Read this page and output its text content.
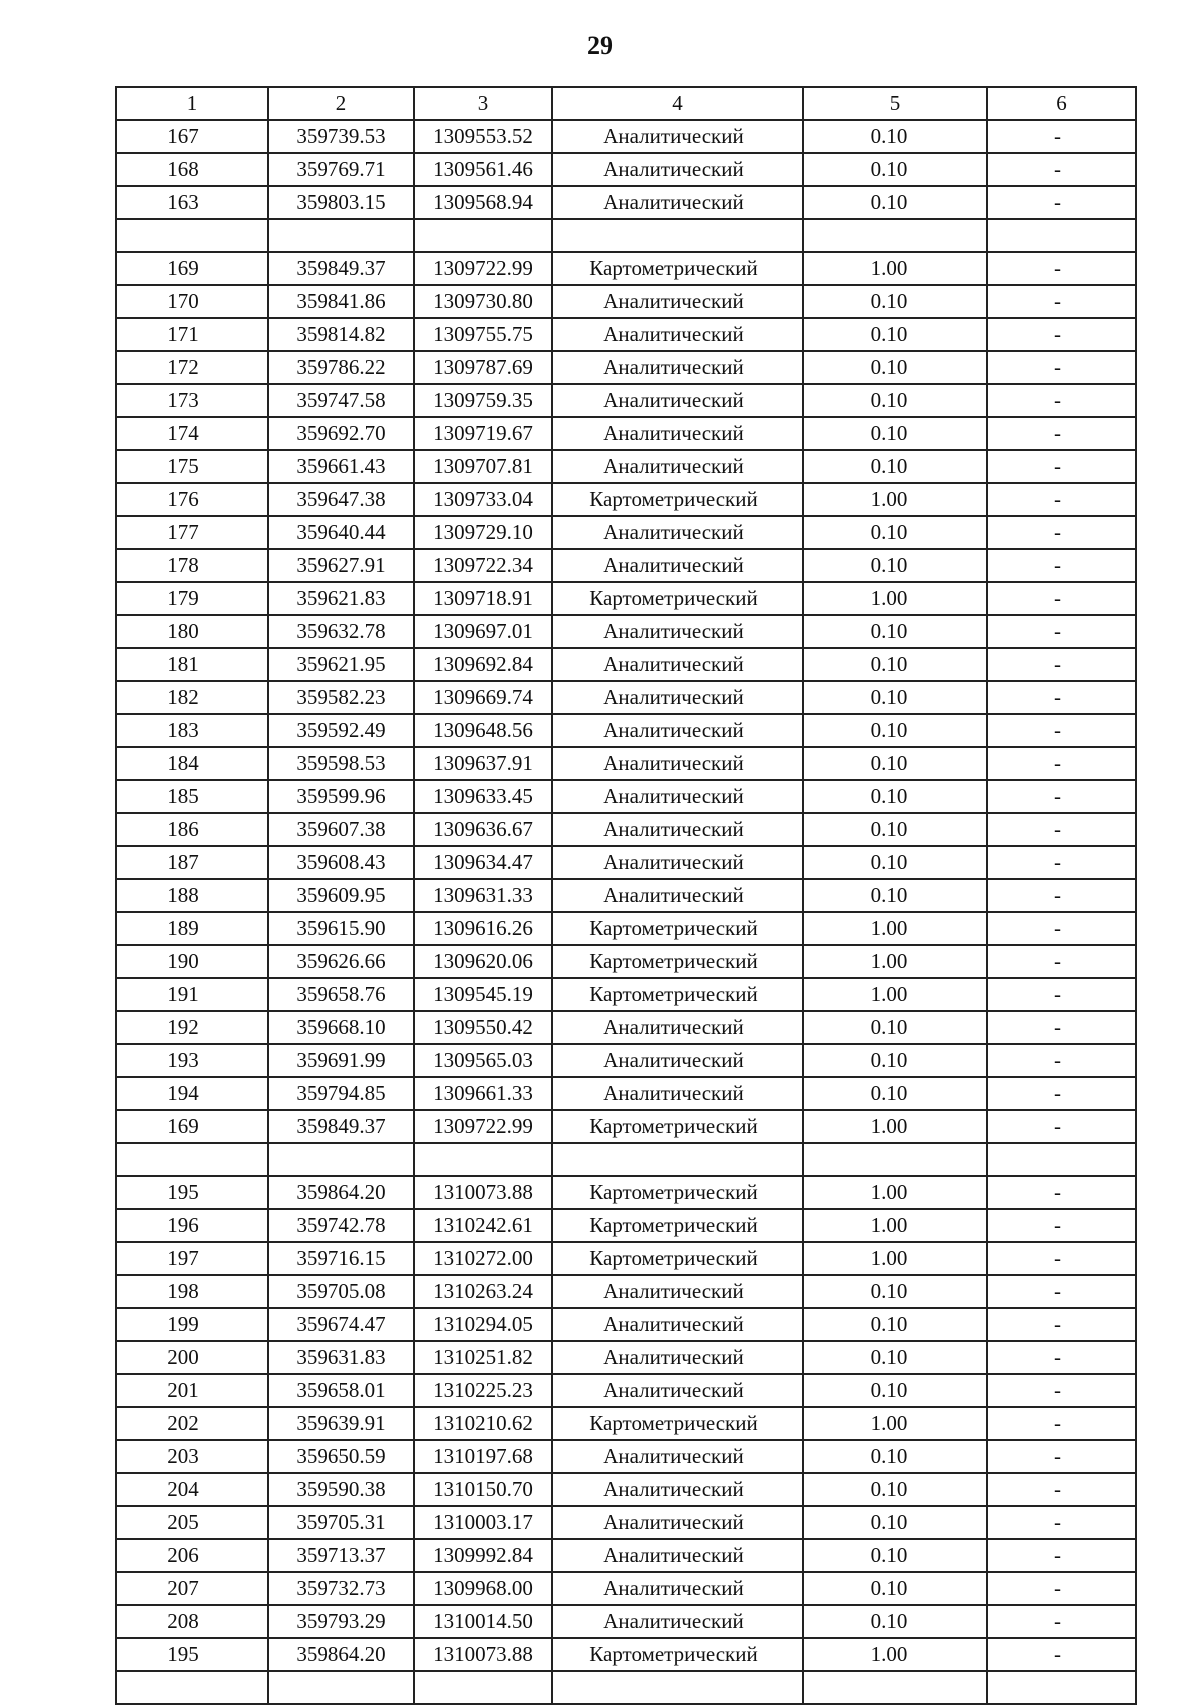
29
1	2	3	4	5	6
167	359739.53	1309553.52	Аналитический	0.10	-
168	359769.71	1309561.46	Аналитический	0.10	-
163	359803.15	1309568.94	Аналитический	0.10	-

169	359849.37	1309722.99	Картометрический	1.00	-
170	359841.86	1309730.80	Аналитический	0.10	-
171	359814.82	1309755.75	Аналитический	0.10	-
172	359786.22	1309787.69	Аналитический	0.10	-
173	359747.58	1309759.35	Аналитический	0.10	-
174	359692.70	1309719.67	Аналитический	0.10	-
175	359661.43	1309707.81	Аналитический	0.10	-
176	359647.38	1309733.04	Картометрический	1.00	-
177	359640.44	1309729.10	Аналитический	0.10	-
178	359627.91	1309722.34	Аналитический	0.10	-
179	359621.83	1309718.91	Картометрический	1.00	-
180	359632.78	1309697.01	Аналитический	0.10	-
181	359621.95	1309692.84	Аналитический	0.10	-
182	359582.23	1309669.74	Аналитический	0.10	-
183	359592.49	1309648.56	Аналитический	0.10	-
184	359598.53	1309637.91	Аналитический	0.10	-
185	359599.96	1309633.45	Аналитический	0.10	-
186	359607.38	1309636.67	Аналитический	0.10	-
187	359608.43	1309634.47	Аналитический	0.10	-
188	359609.95	1309631.33	Аналитический	0.10	-
189	359615.90	1309616.26	Картометрический	1.00	-
190	359626.66	1309620.06	Картометрический	1.00	-
191	359658.76	1309545.19	Картометрический	1.00	-
192	359668.10	1309550.42	Аналитический	0.10	-
193	359691.99	1309565.03	Аналитический	0.10	-
194	359794.85	1309661.33	Аналитический	0.10	-
169	359849.37	1309722.99	Картометрический	1.00	-

195	359864.20	1310073.88	Картометрический	1.00	-
196	359742.78	1310242.61	Картометрический	1.00	-
197	359716.15	1310272.00	Картометрический	1.00	-
198	359705.08	1310263.24	Аналитический	0.10	-
199	359674.47	1310294.05	Аналитический	0.10	-
200	359631.83	1310251.82	Аналитический	0.10	-
201	359658.01	1310225.23	Аналитический	0.10	-
202	359639.91	1310210.62	Картометрический	1.00	-
203	359650.59	1310197.68	Аналитический	0.10	-
204	359590.38	1310150.70	Аналитический	0.10	-
205	359705.31	1310003.17	Аналитический	0.10	-
206	359713.37	1309992.84	Аналитический	0.10	-
207	359732.73	1309968.00	Аналитический	0.10	-
208	359793.29	1310014.50	Аналитический	0.10	-
195	359864.20	1310073.88	Картометрический	1.00	-
